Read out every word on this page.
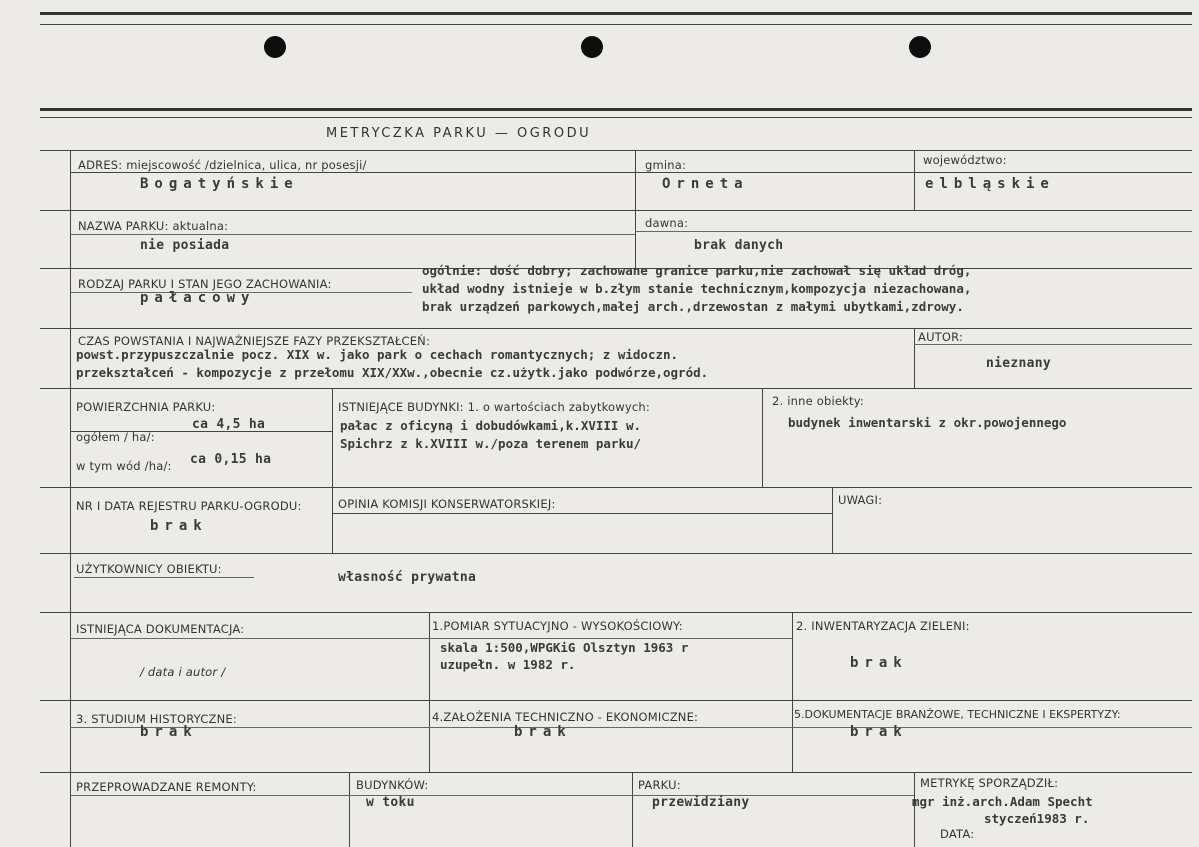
METRYCZKA PARKU — OGRODU
ADRES: miejscowość /dzielnica, ulica, nr posesji/
Bogatyńskie
gmina:
Orneta
województwo:
elbląskie
NAZWA PARKU: aktualna:
nie posiada
dawna:
brak danych
RODZAJ PARKU I STAN JEGO ZACHOWANIA:
pałacowy
ogólnie: dość dobry; zachowane granice parku,nie zachował się układ dróg,
układ wodny istnieje w b.złym stanie technicznym,kompozycja niezachowana,
brak urządzeń parkowych,małej arch.,drzewostan z małymi ubytkami,zdrowy.
CZAS POWSTANIA I NAJWAŻNIEJSZE FAZY PRZEKSZTAŁCEŃ:
powst.przypuszczalnie pocz. XIX w. jako park o cechach romantycznych; z widoczn.
przekształceń - kompozycje z przełomu XIX/XXw.,obecnie cz.użytk.jako podwórze,ogród.
AUTOR:
nieznany
POWIERZCHNIA PARKU:
ogółem / ha/:
ca 4,5 ha
w tym wód /ha/: ca 0,15 ha
ISTNIEJĄCE BUDYNKI: 1. o wartościach zabytkowych:
pałac z oficyną i dobudówkami,k.XVIII w.
Spichrz z k.XVIII w./poza terenem parku/
2. inne obiekty:
budynek inwentarski z okr.powojennego
NR I DATA REJESTRU PARKU-OGRODU:
brak
OPINIA KOMISJI KONSERWATORSKIEJ:	UWAGI:
UŻYTKOWNICY OBIEKTU:
własność prywatna
ISTNIEJĄCA DOKUMENTACJA:
/ data i autor /
1.POMIAR SYTUACYJNO - WYSOKOŚCIOWY:
skala 1:500,WPGKiG Olsztyn 1963 r
uzupełn. w 1982 r.
2. INWENTARYZACJA ZIELENI:
brak
3. STUDIUM HISTORYCZNE:
brak
4.ZAŁOŻENIA TECHNICZNO - EKONOMICZNE:
brak
5.DOKUMENTACJE BRANŻOWE, TECHNICZNE I EKSPERTYZY:
brak
PRZEPROWADZANE REMONTY:	BUDYNKÓW:
w toku
PARKU:
przewidziany
METRYKĘ SPORZĄDZIŁ:
mgr inż.arch.Adam Specht
styczeń1983 r.
DATA:
